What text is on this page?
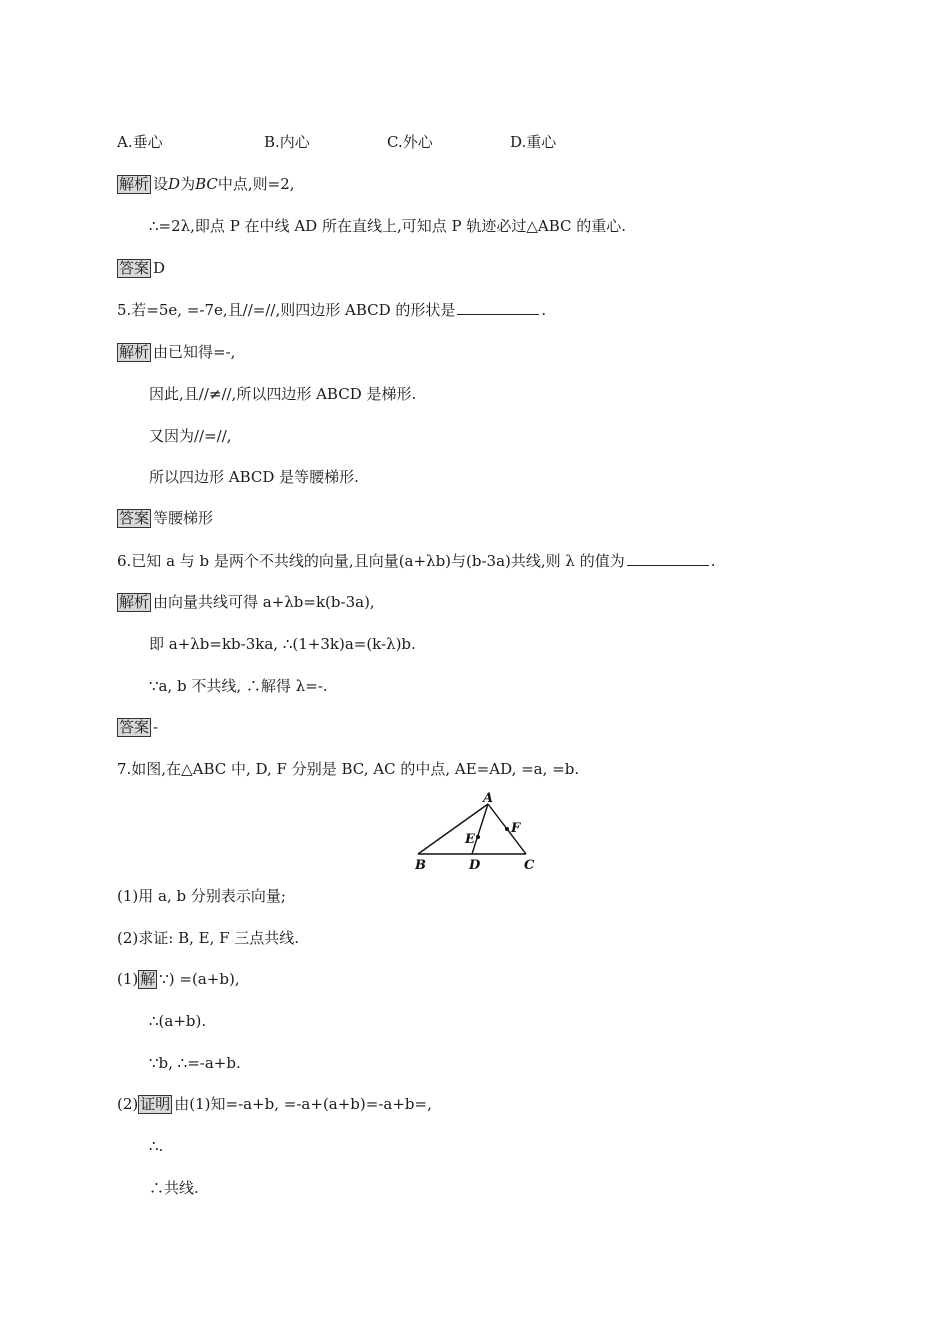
A.垂心	B.内心	C.外心	D.重心
解析 设D为BC中点,则=2,
∴=2λ,即点 P 在中线 AD 所在直线上,可知点 P 轨迹必过△ABC 的重心.
答案 D
5.若=5e, =-7e,且//=//,则四边形 ABCD 的形状是	.
解析 由已知得=-,
因此,且//≠//,所以四边形 ABCD 是梯形.
又因为//=//,
所以四边形 ABCD 是等腰梯形.
答案 等腰梯形
6.已知 a 与 b 是两个不共线的向量,且向量(a+λb)与(b-3a)共线,则 λ 的值为	.
解析 由向量共线可得 a+λb=k(b-3a),
即 a+λb=kb-3ka, ∴(1+3k)a=(k-λ)b.
∵a, b 不共线, ∴解得 λ=-.
答案 -
7.如图,在△ABC 中, D, F 分别是 BC, AC 的中点, AE=AD, =a, =b.
A
B	C
D
E
F
(1)用 a, b 分别表示向量;
(2)求证: B, E, F 三点共线.
(1) 解 ∵) =(a+b),
∴(a+b).
∵b, ∴=-a+b.
(2) 证明 由(1)知=-a+b, =-a+(a+b)=-a+b=,
∴.
∴共线.
